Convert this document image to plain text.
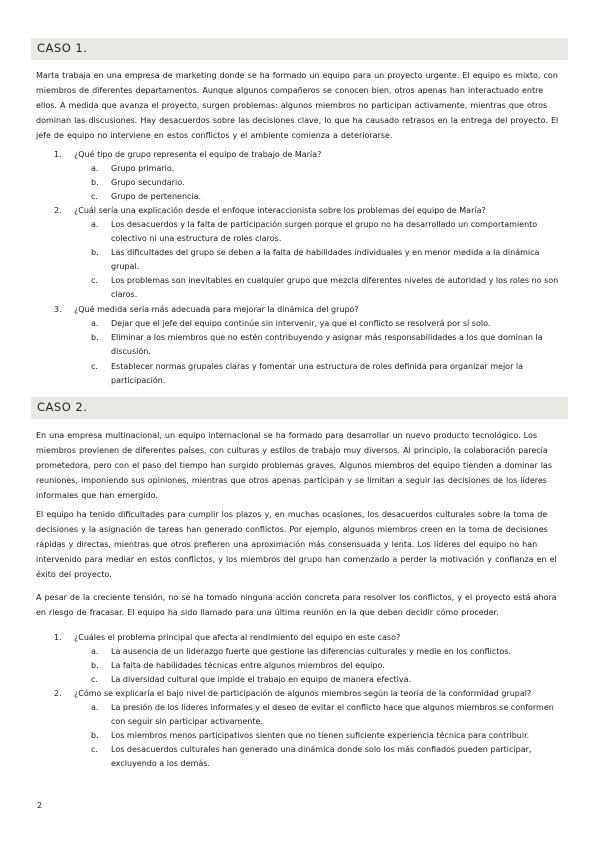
CASO 1.

Marta trabaja en una empresa de marketing donde se ha formado un equipo para un proyecto urgente. El equipo es mixto, con miembros de diferentes departamentos. Aunque algunos compañeros se conocen bien, otros apenas han interactuado entre ellos. A medida que avanza el proyecto, surgen problemas: algunos miembros no participan activamente, mientras que otros dominan las discusiones. Hay desacuerdos sobre las decisiones clave, lo que ha causado retrasos en la entrega del proyecto. El jefe de equipo no interviene en estos conflictos y el ambiente comienza a deteriorarse.

1. ¿Qué tipo de grupo representa el equipo de trabajo de María?
a. Grupo primario.
b. Grupo secundario.
c. Grupo de pertenencia.
2. ¿Cuál sería una explicación desde el enfoque interaccionista sobre los problemas del equipo de María?
a. Los desacuerdos y la falta de participación surgen porque el grupo no ha desarrollado un comportamiento colectivo ni una estructura de roles claros.
b. Las dificultades del grupo se deben a la falta de habilidades individuales y en menor medida a la dinámica grupal.
c. Los problemas son inevitables en cualquier grupo que mezcla diferentes niveles de autoridad y los roles no son claros.
3. ¿Qué medida sería más adecuada para mejorar la dinámica del grupo?
a. Dejar que el jefe del equipo continúe sin intervenir, ya que el conflicto se resolverá por sí solo.
b. Eliminar a los miembros que no estén contribuyendo y asignar más responsabilidades a los que dominan la discusión.
c. Establecer normas grupales claras y fomentar una estructura de roles definida para organizar mejor la participación.
CASO 2.

En una empresa multinacional, un equipo internacional se ha formado para desarrollar un nuevo producto tecnológico. Los miembros provienen de diferentes países, con culturas y estilos de trabajo muy diversos. Al principio, la colaboración parecía prometedora, pero con el paso del tiempo han surgido problemas graves. Algunos miembros del equipo tienden a dominar las reuniones, imponiendo sus opiniones, mientras que otros apenas participan y se limitan a seguir las decisiones de los líderes informales que han emergido.

El equipo ha tenido dificultades para cumplir los plazos y, en muchas ocasiones, los desacuerdos culturales sobre la toma de decisiones y la asignación de tareas han generado conflictos. Por ejemplo, algunos miembros creen en la toma de decisiones rápidas y directas, mientras que otros prefieren una aproximación más consensuada y lenta. Los líderes del equipo no han intervenido para mediar en estos conflictos, y los miembros del grupo han comenzado a perder la motivación y confianza en el éxito del proyecto.

A pesar de la creciente tensión, no se ha tomado ninguna acción concreta para resolver los conflictos, y el proyecto está ahora en riesgo de fracasar. El equipo ha sido llamado para una última reunión en la que deben decidir cómo proceder.

1. ¿Cuáles el problema principal que afecta al rendimiento del equipo en este caso?
a. La ausencia de un liderazgo fuerte que gestione las diferencias culturales y medie en los conflictos.
b. La falta de habilidades técnicas entre algunos miembros del equipo.
c. La diversidad cultural que impide el trabajo en equipo de manera efectiva.
2. ¿Cómo se explicaría el bajo nivel de participación de algunos miembros según la teoría de la conformidad grupal?
a. La presión de los líderes informales y el deseo de evitar el conflicto hace que algunos miembros se conformen con seguir sin participar activamente.
b. Los miembros menos participativos sienten que no tienen suficiente experiencia técnica para contribuir.
c. Los desacuerdos culturales han generado una dinámica donde solo los más confiados pueden participar, excluyendo a los demás.
2
